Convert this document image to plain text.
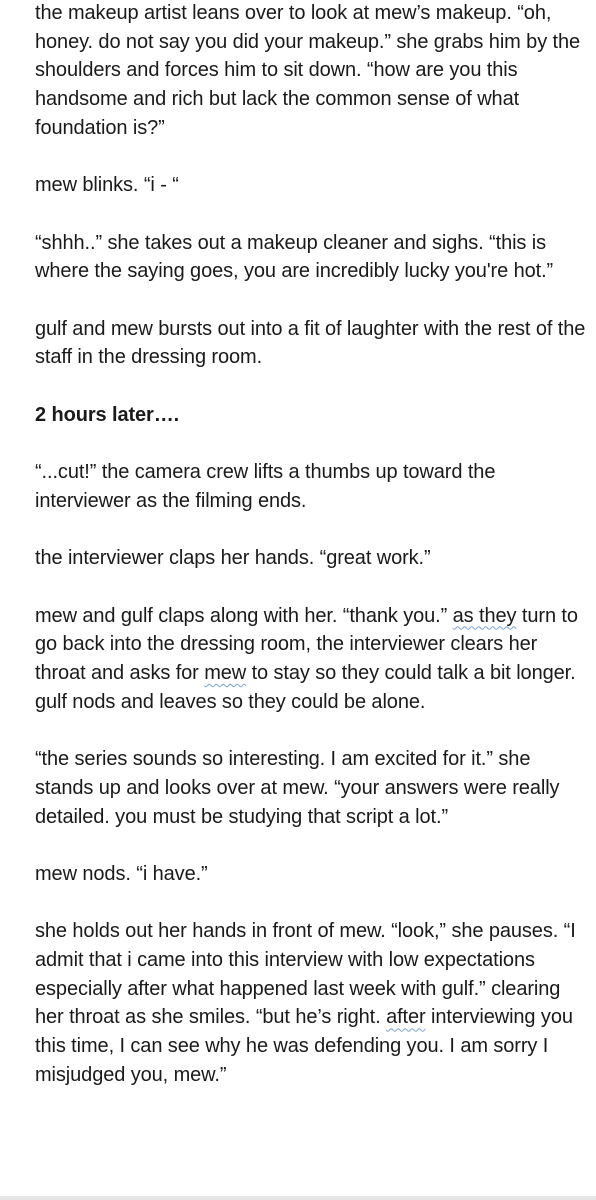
the makeup artist leans over to look at mew’s makeup. “oh, honey. do not say you did your makeup.” she grabs him by the shoulders and forces him to sit down. “how are you this handsome and rich but lack the common sense of what foundation is?”

mew blinks. “i - “

“shhh..” she takes out a makeup cleaner and sighs. “this is where the saying goes, you are incredibly lucky you're hot.”

gulf and mew bursts out into a fit of laughter with the rest of the staff in the dressing room.

2 hours later….

“...cut!” the camera crew lifts a thumbs up toward the interviewer as the filming ends.

the interviewer claps her hands. “great work.”

mew and gulf claps along with her. “thank you.” as they turn to go back into the dressing room, the interviewer clears her throat and asks for mew to stay so they could talk a bit longer. gulf nods and leaves so they could be alone.

“the series sounds so interesting. I am excited for it.” she stands up and looks over at mew. “your answers were really detailed. you must be studying that script a lot.”

mew nods. “i have.”

she holds out her hands in front of mew. “look,” she pauses. “I admit that i came into this interview with low expectations especially after what happened last week with gulf.” clearing her throat as she smiles. “but he’s right. after interviewing you this time, I can see why he was defending you. I am sorry I misjudged you, mew.”
